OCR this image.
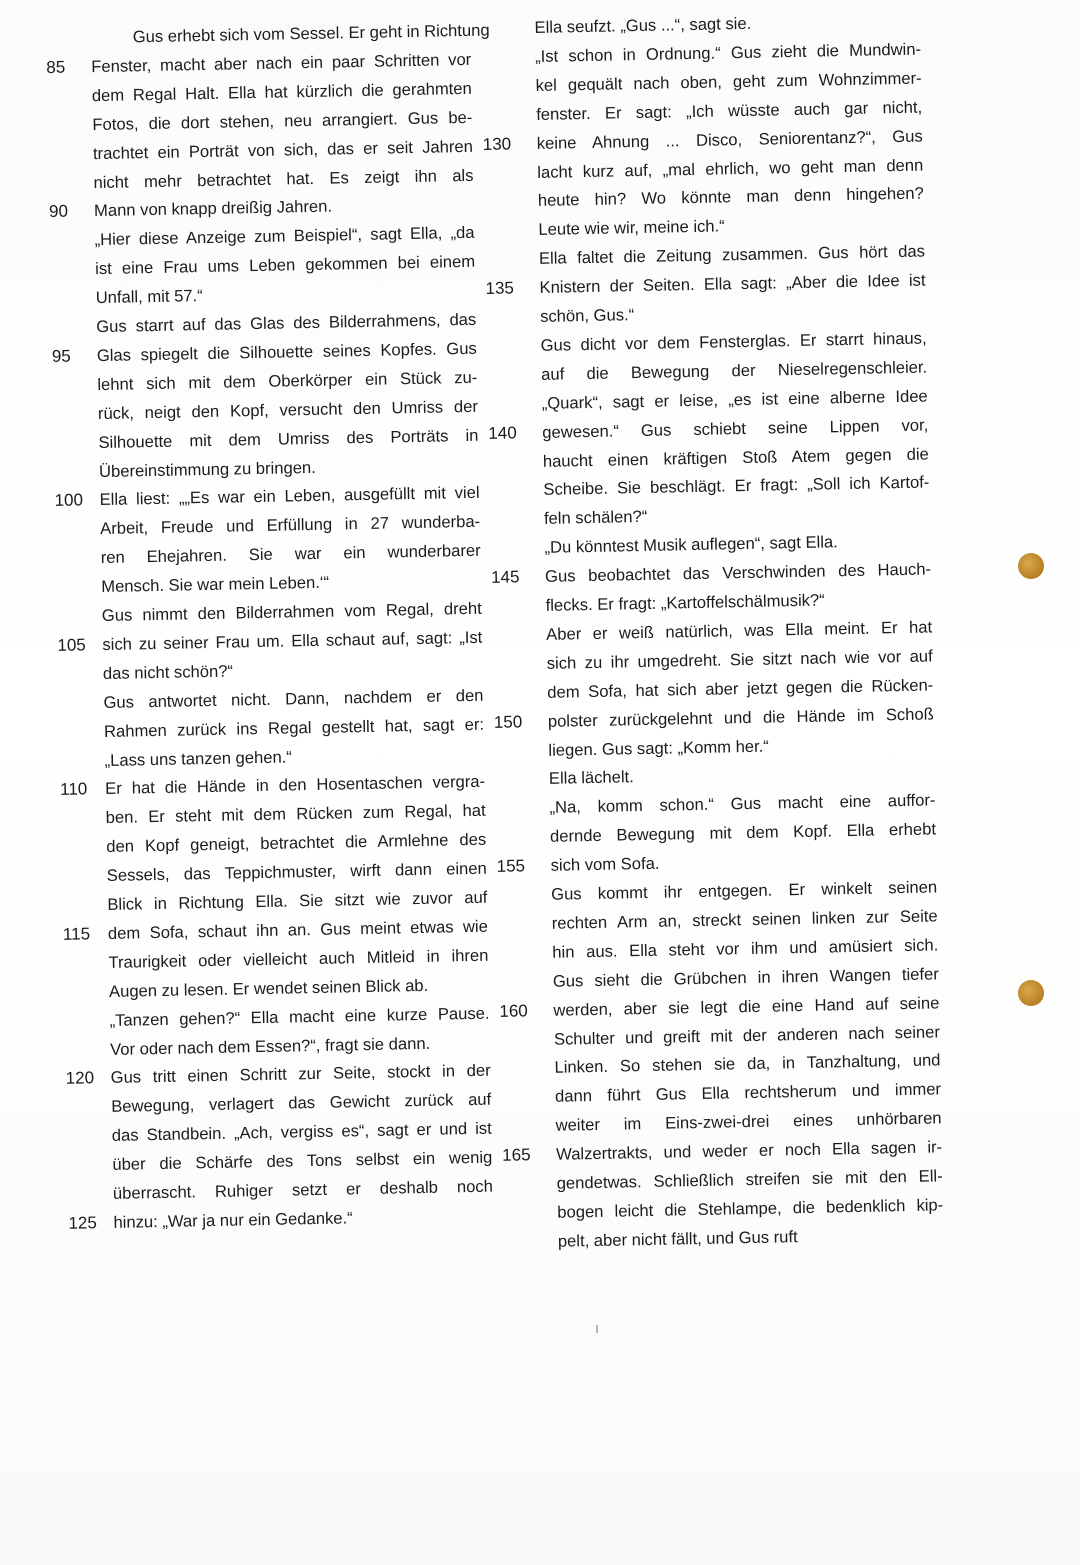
Gus erhebt sich vom Sessel. Er geht in Richtung
85	Fenster, macht aber nach ein paar Schritten vor
dem Regal Halt. Ella hat kürzlich die gerahmten
Fotos, die dort stehen, neu arrangiert. Gus be-
trachtet ein Porträt von sich, das er seit Jahren
nicht mehr betrachtet hat. Es zeigt ihn als
90	Mann von knapp dreißig Jahren.
„Hier diese Anzeige zum Beispiel“, sagt Ella, „da
ist eine Frau ums Leben gekommen bei einem
Unfall, mit 57.“
Gus starrt auf das Glas des Bilderrahmens, das
95	Glas spiegelt die Silhouette seines Kopfes. Gus
lehnt sich mit dem Oberkörper ein Stück zu-
rück, neigt den Kopf, versucht den Umriss der
Silhouette mit dem Umriss des Porträts in
Übereinstimmung zu bringen.
100 Ella liest: „„Es war ein Leben, ausgefüllt mit viel
Arbeit, Freude und Erfüllung in 27 wunderba-
ren Ehejahren. Sie war ein wunderbarer
Mensch. Sie war mein Leben.‘“
Gus nimmt den Bilderrahmen vom Regal, dreht
105 sich zu seiner Frau um. Ella schaut auf, sagt: „Ist
das nicht schön?“
Gus antwortet nicht. Dann, nachdem er den
Rahmen zurück ins Regal gestellt hat, sagt er:
„Lass uns tanzen gehen.“
110	Er hat die Hände in den Hosentaschen vergra-
ben. Er steht mit dem Rücken zum Regal, hat
den Kopf geneigt, betrachtet die Armlehne des
Sessels, das Teppichmuster, wirft dann einen
Blick in Richtung Ella. Sie sitzt wie zuvor auf
115	dem Sofa, schaut ihn an. Gus meint etwas wie
Traurigkeit oder vielleicht auch Mitleid in ihren
Augen zu lesen. Er wendet seinen Blick ab.
„Tanzen gehen?“ Ella macht eine kurze Pause.
Vor oder nach dem Essen?“, fragt sie dann.
120 Gus tritt einen Schritt zur Seite, stockt in der
Bewegung, verlagert das Gewicht zurück auf
das Standbein. „Ach, vergiss es“, sagt er und ist
über die Schärfe des Tons selbst ein wenig
überrascht. Ruhiger setzt er deshalb noch
125 hinzu: „War ja nur ein Gedanke.“
Ella seufzt. „Gus ...“, sagt sie.
„Ist schon in Ordnung.“ Gus zieht die Mundwin-
kel gequält nach oben, geht zum Wohnzimmer-
fenster. Er sagt: „Ich wüsste auch gar nicht,
130	keine Ahnung ... Disco, Seniorentanz?“, Gus
lacht kurz auf, „mal ehrlich, wo geht man denn
heute hin? Wo könnte man denn hingehen?
Leute wie wir, meine ich.“
Ella faltet die Zeitung zusammen. Gus hört das
135	Knistern der Seiten. Ella sagt: „Aber die Idee ist
schön, Gus.“
Gus dicht vor dem Fensterglas. Er starrt hinaus,
auf die Bewegung der Nieselregenschleier.
„Quark“, sagt er leise, „es ist eine alberne Idee
140	gewesen.“ Gus schiebt seine Lippen vor,
haucht einen kräftigen Stoß Atem gegen die
Scheibe. Sie beschlägt. Er fragt: „Soll ich Kartof-
feln schälen?“
„Du könntest Musik auflegen“, sagt Ella.
145	Gus beobachtet das Verschwinden des Hauch-
flecks. Er fragt: „Kartoffelschälmusik?“
Aber er weiß natürlich, was Ella meint. Er hat
sich zu ihr umgedreht. Sie sitzt nach wie vor auf
dem Sofa, hat sich aber jetzt gegen die Rücken-
150	polster zurückgelehnt und die Hände im Schoß
liegen. Gus sagt: „Komm her.“
Ella lächelt.
„Na, komm schon.“ Gus macht eine auffor-
dernde Bewegung mit dem Kopf. Ella erhebt
155	sich vom Sofa.
Gus kommt ihr entgegen. Er winkelt seinen
rechten Arm an, streckt seinen linken zur Seite
hin aus. Ella steht vor ihm und amüsiert sich.
Gus sieht die Grübchen in ihren Wangen tiefer
160	werden, aber sie legt die eine Hand auf seine
Schulter und greift mit der anderen nach seiner
Linken. So stehen sie da, in Tanzhaltung, und
dann führt Gus Ella rechtsherum und immer
weiter im Eins-zwei-drei eines unhörbaren
165	Walzertrakts, und weder er noch Ella sagen ir-
gendetwas. Schließlich streifen sie mit den Ell-
bogen leicht die Stehlampe, die bedenklich kip-
pelt, aber nicht fällt, und Gus ruft
